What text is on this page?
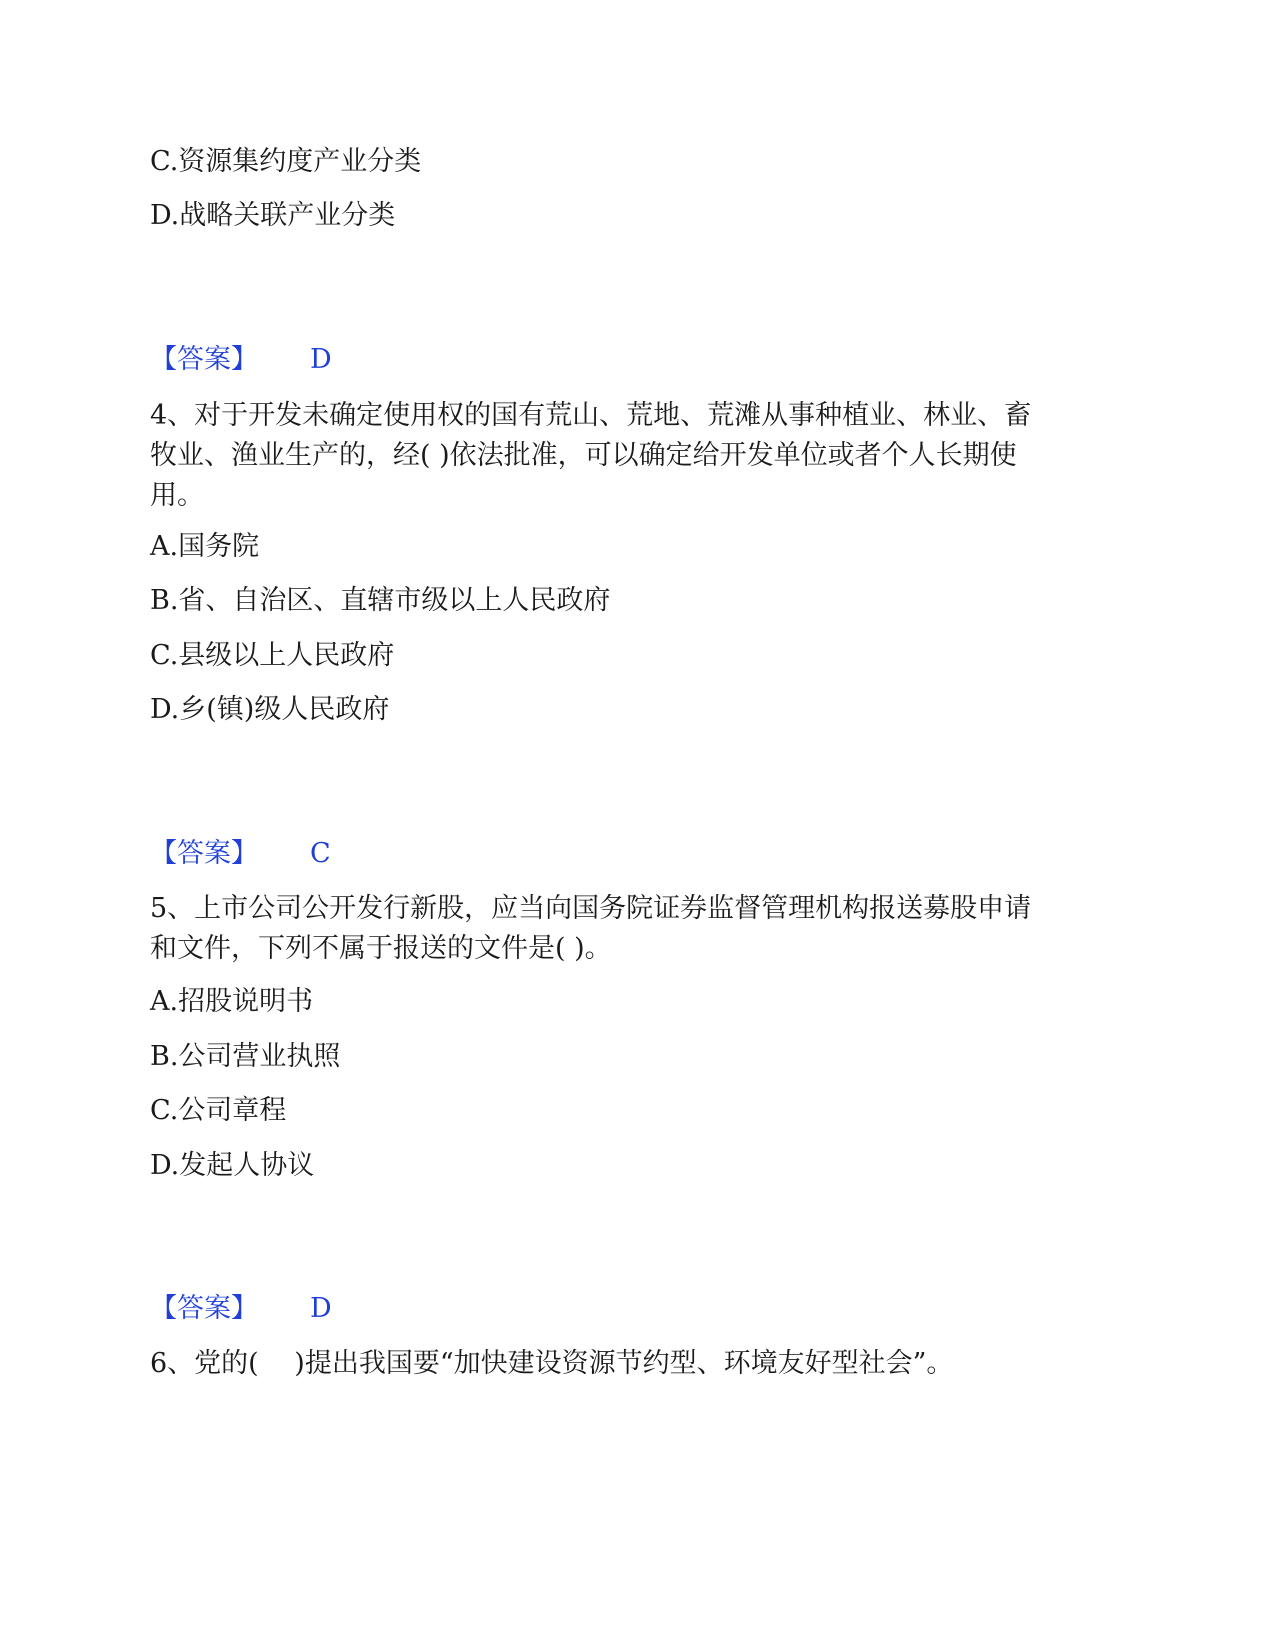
C.资源集约度产业分类
D.战略关联产业分类
【答案】 D
4、对于开发未确定使用权的国有荒山、荒地、荒滩从事种植业、林业、畜
牧业、渔业生产的，经( )依法批准，可以确定给开发单位或者个人长期使
用。
A.国务院
B.省、自治区、直辖市级以上人民政府
C.县级以上人民政府
D.乡(镇)级人民政府
【答案】 C
5、上市公司公开发行新股，应当向国务院证券监督管理机构报送募股申请
和文件，下列不属于报送的文件是( )。
A.招股说明书
B.公司营业执照
C.公司章程
D.发起人协议
【答案】 D
6、党的(　 )提出我国要“加快建设资源节约型、环境友好型社会”。
